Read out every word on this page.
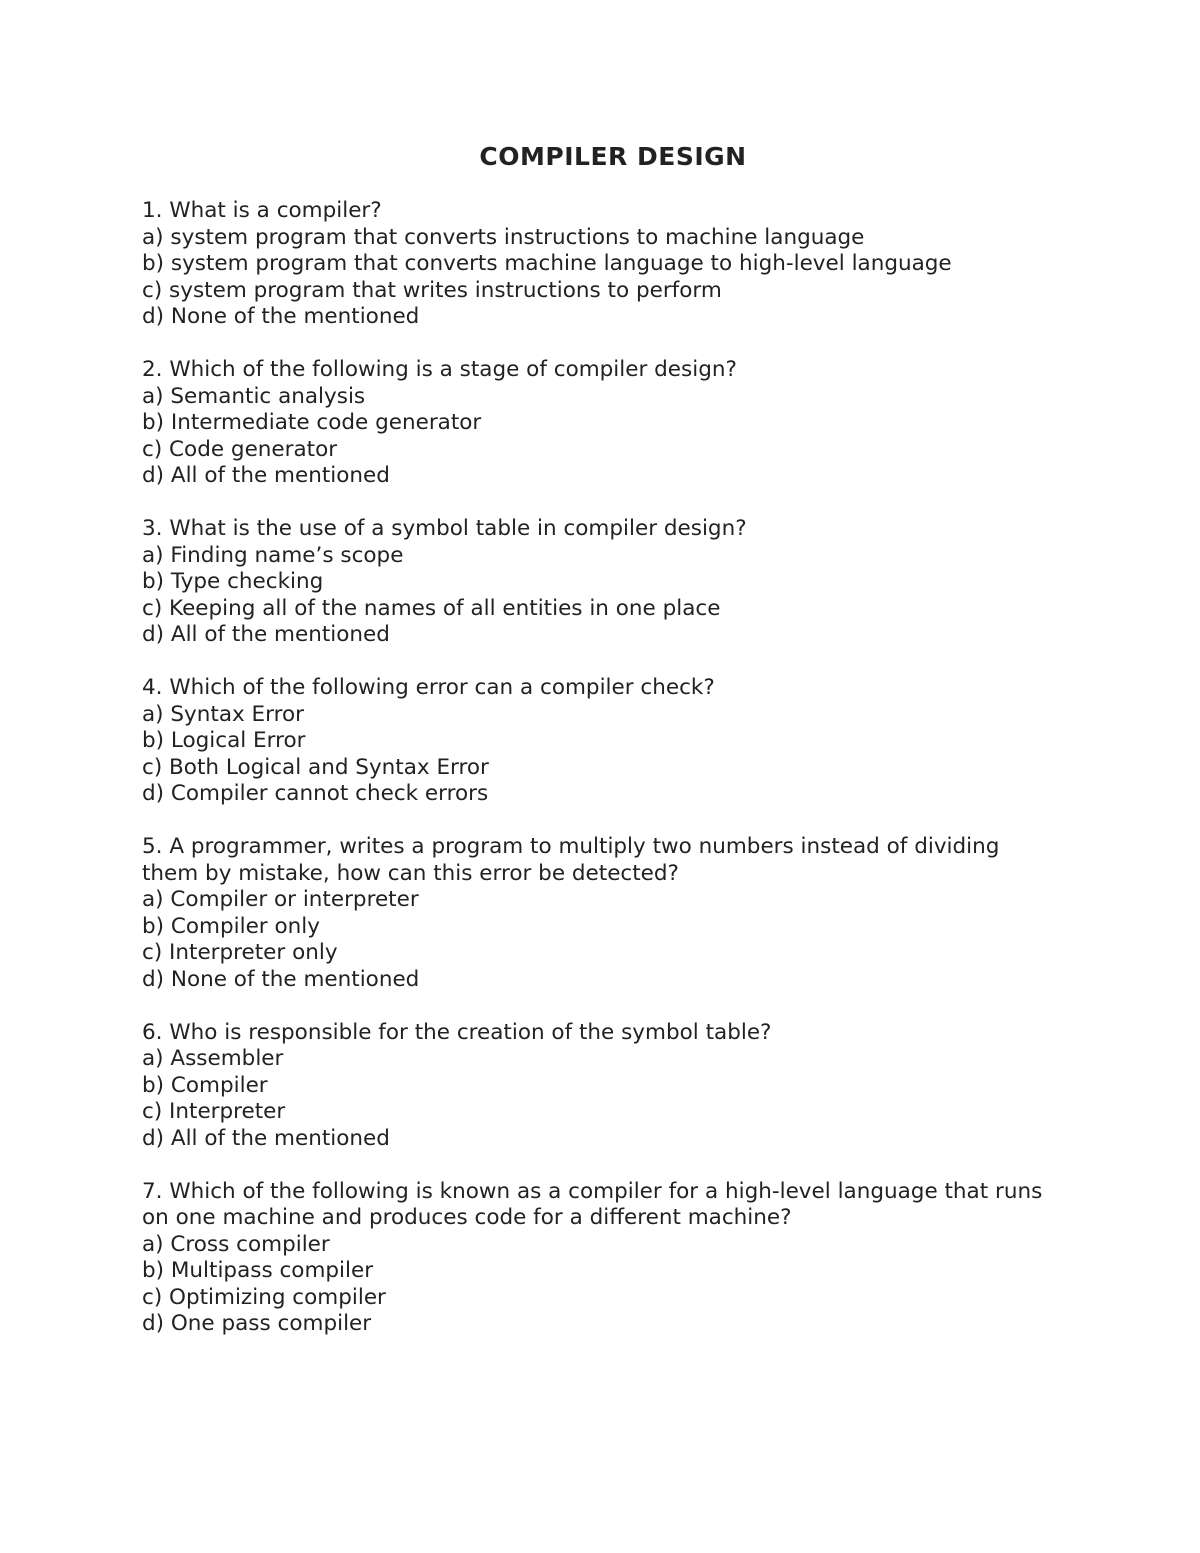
COMPILER DESIGN
1. What is a compiler?
a) system program that converts instructions to machine language
b) system program that converts machine language to high-level language
c) system program that writes instructions to perform
d) None of the mentioned
2. Which of the following is a stage of compiler design?
a) Semantic analysis
b) Intermediate code generator
c) Code generator
d) All of the mentioned
3. What is the use of a symbol table in compiler design?
a) Finding name’s scope
b) Type checking
c) Keeping all of the names of all entities in one place
d) All of the mentioned
4. Which of the following error can a compiler check?
a) Syntax Error
b) Logical Error
c) Both Logical and Syntax Error
d) Compiler cannot check errors
5. A programmer, writes a program to multiply two numbers instead of dividing them by mistake, how can this error be detected?
a) Compiler or interpreter
b) Compiler only
c) Interpreter only
d) None of the mentioned
6. Who is responsible for the creation of the symbol table?
a) Assembler
b) Compiler
c) Interpreter
d) All of the mentioned
7. Which of the following is known as a compiler for a high-level language that runs on one machine and produces code for a different machine?
a) Cross compiler
b) Multipass compiler
c) Optimizing compiler
d) One pass compiler
